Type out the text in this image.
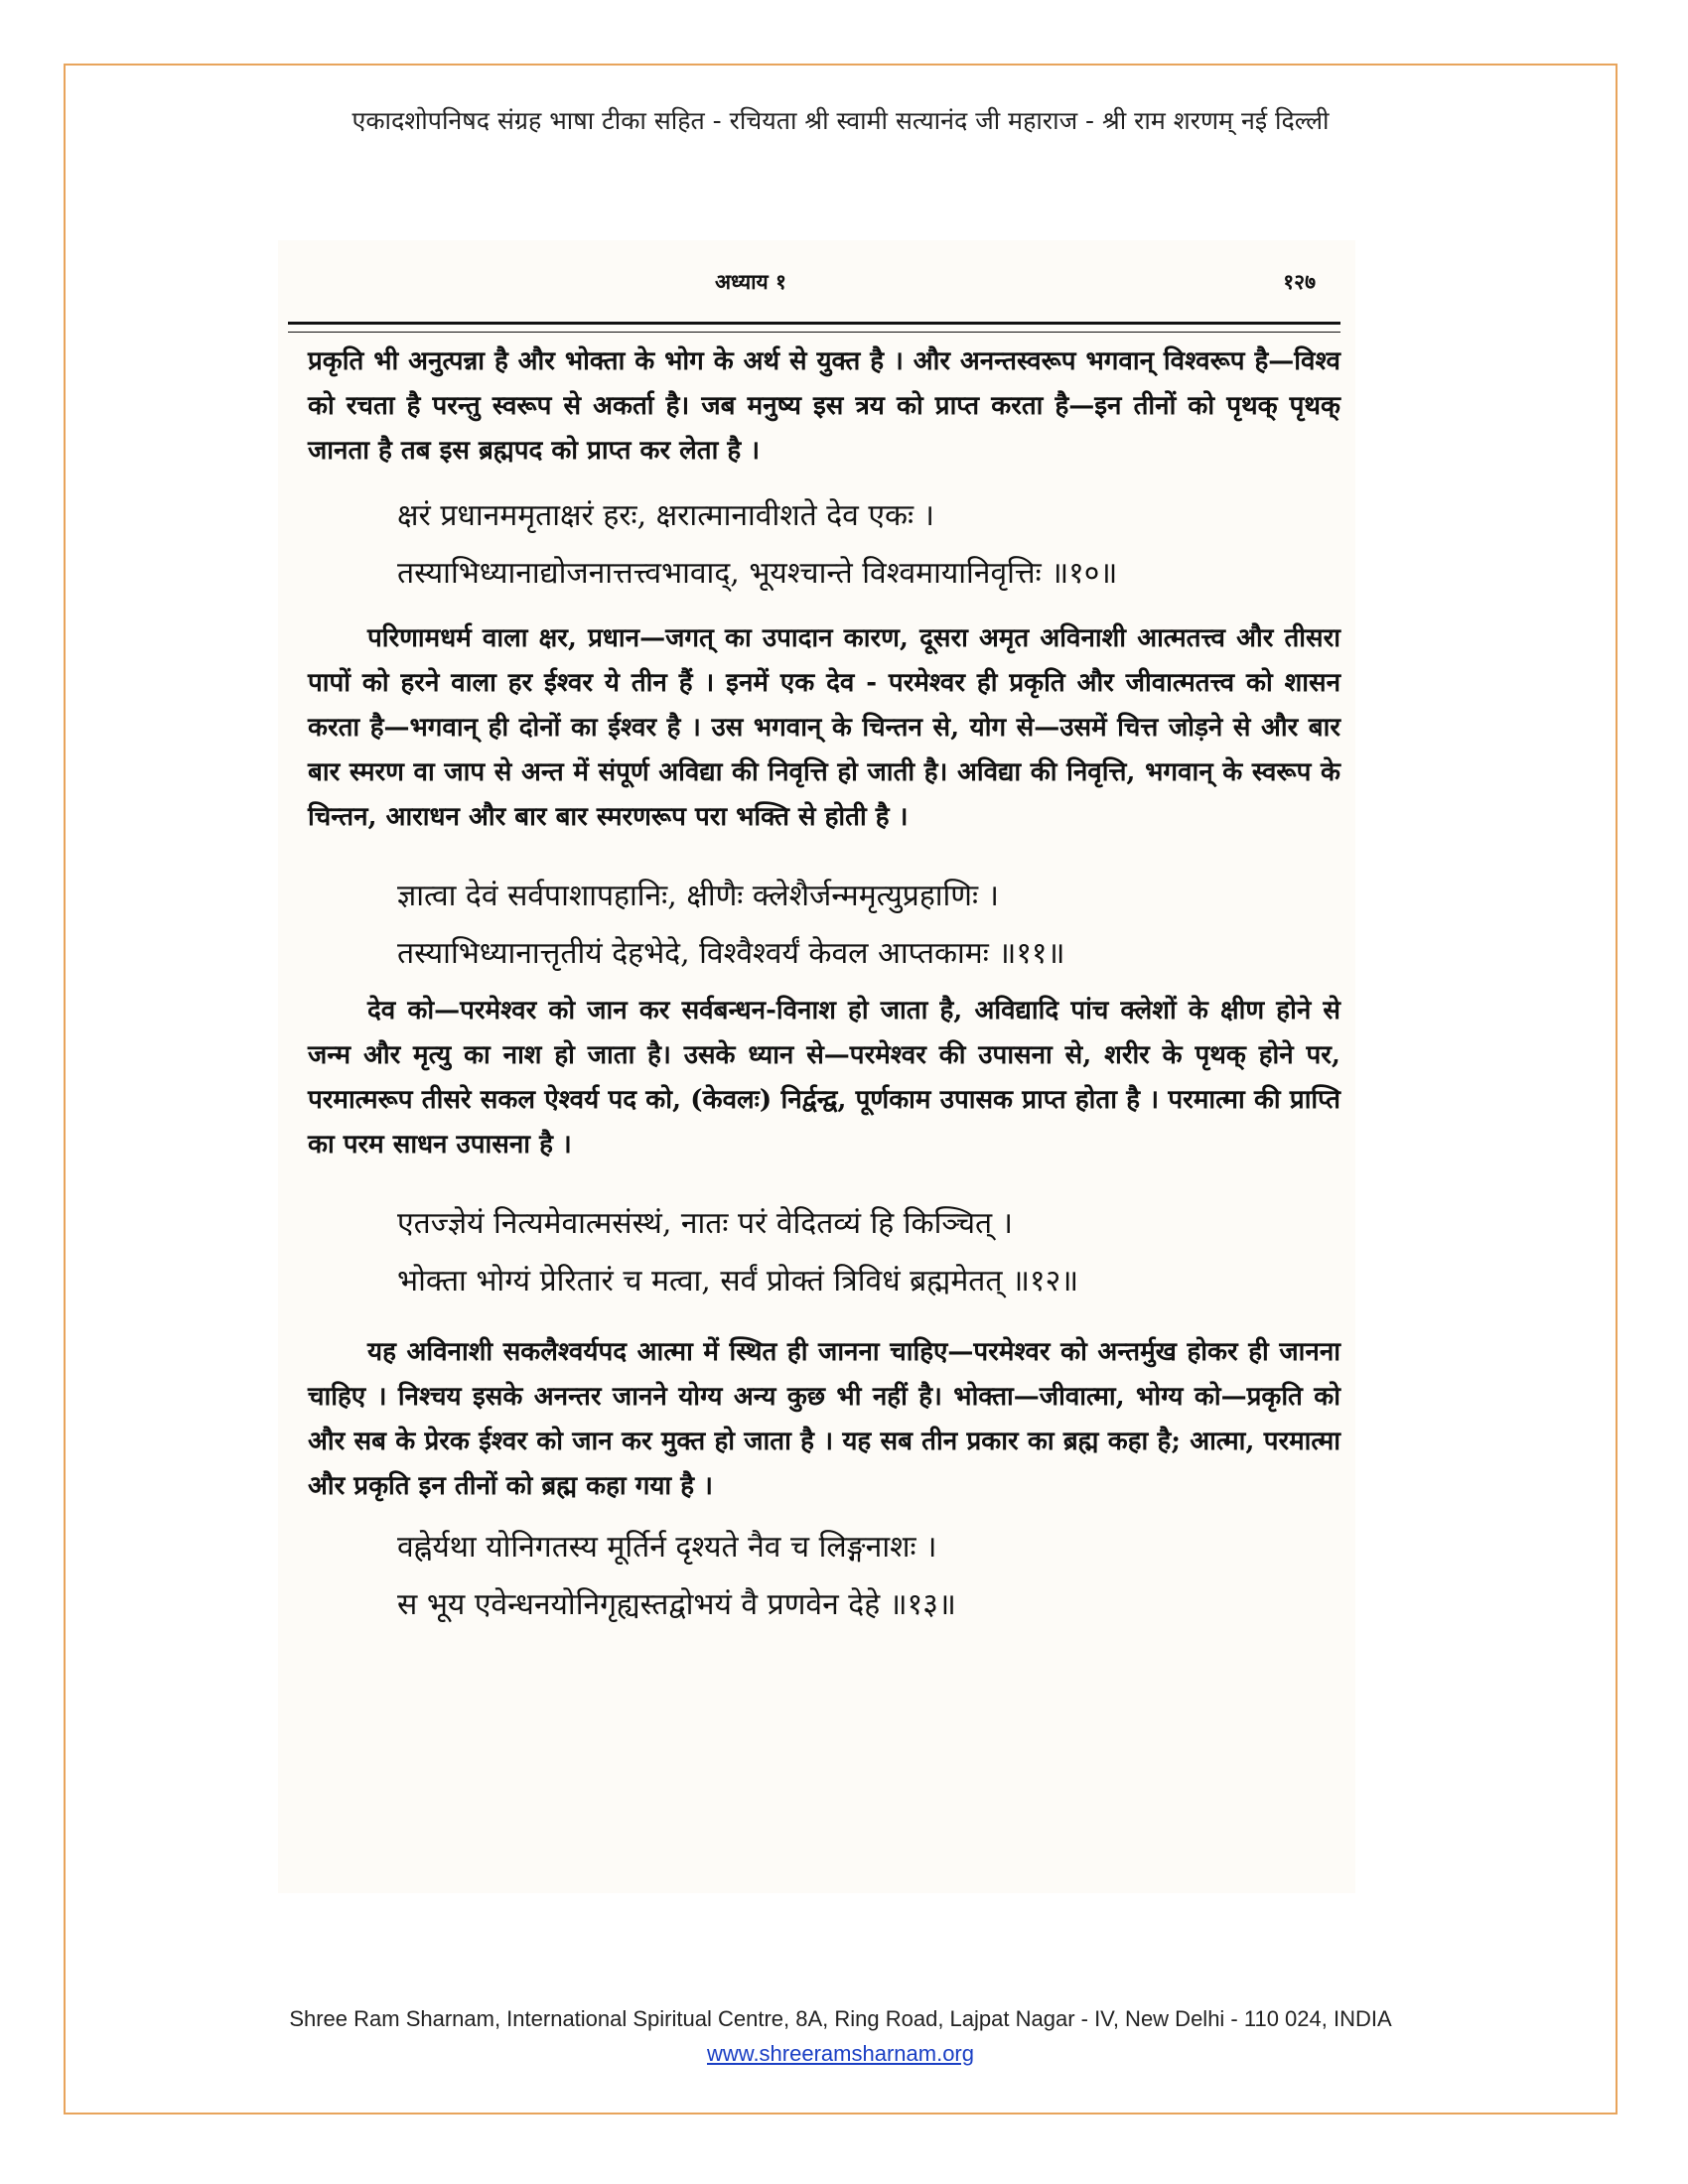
एकादशोपनिषद संग्रह भाषा टीका सहित - रचियता श्री स्वामी सत्यानंद जी महाराज - श्री राम शरणम् नई दिल्ली
अध्याय १	१२७

प्रकृति भी अनुत्पन्ना है और भोक्ता के भोग के अर्थ से युक्त है । और अनन्तस्वरूप भगवान् विश्वरूप है—विश्व को रचता है परन्तु स्वरूप से अकर्ता है। जब मनुष्य इस त्रय को प्राप्त करता है—इन तीनों को पृथक् पृथक् जानता है तब इस ब्रह्मपद को प्राप्त कर लेता है ।

क्षरं प्रधानममृताक्षरं हरः, क्षरात्मानावीशते देव एकः ।

तस्याभिध्यानाद्योजनात्तत्त्वभावाद्, भूयश्चान्ते विश्वमायानिवृत्तिः ॥१०॥

परिणामधर्म वाला क्षर, प्रधान—जगत् का उपादान कारण, दूसरा अमृत अविनाशी आत्मतत्त्व और तीसरा पापों को हरने वाला हर ईश्वर ये तीन हैं । इनमें एक देव - परमेश्वर ही प्रकृति और जीवात्मतत्त्व को शासन करता है—भगवान् ही दोनों का ईश्वर है । उस भगवान् के चिन्तन से, योग से—उसमें चित्त जोड़ने से और बार बार स्मरण वा जाप से अन्त में संपूर्ण अविद्या की निवृत्ति हो जाती है। अविद्या की निवृत्ति, भगवान् के स्वरूप के चिन्तन, आराधन और बार बार स्मरणरूप परा भक्ति से होती है ।

ज्ञात्वा देवं सर्वपाशापहानिः, क्षीणैः क्लेशैर्जन्ममृत्युप्रहाणिः ।

तस्याभिध्यानात्तृतीयं देहभेदे, विश्वैश्वर्यं केवल आप्तकामः ॥११॥

देव को—परमेश्वर को जान कर सर्वबन्धन-विनाश हो जाता है, अविद्यादि पांच क्लेशों के क्षीण होने से जन्म और मृत्यु का नाश हो जाता है। उसके ध्यान से—परमेश्वर की उपासना से, शरीर के पृथक् होने पर, परमात्मरूप तीसरे सकल ऐश्वर्य पद को, (केवलः) निर्द्वन्द्व, पूर्णकाम उपासक प्राप्त होता है । परमात्मा की प्राप्ति का परम साधन उपासना है ।

एतज्ज्ञेयं नित्यमेवात्मसंस्थं, नातः परं वेदितव्यं हि किञ्चित् ।

भोक्ता भोग्यं प्रेरितारं च मत्वा, सर्वं प्रोक्तं त्रिविधं ब्रह्ममेतत् ॥१२॥

यह अविनाशी सकलैश्वर्यपद आत्मा में स्थित ही जानना चाहिए—परमेश्वर को अन्तर्मुख होकर ही जानना चाहिए । निश्चय इसके अनन्तर जानने योग्य अन्य कुछ भी नहीं है। भोक्ता—जीवात्मा, भोग्य को—प्रकृति को और सब के प्रेरक ईश्वर को जान कर मुक्त हो जाता है । यह सब तीन प्रकार का ब्रह्म कहा है; आत्मा, परमात्मा और प्रकृति इन तीनों को ब्रह्म कहा गया है ।

वह्नेर्यथा योनिगतस्य मूर्तिर्न दृश्यते नैव च लिङ्गनाशः ।

स भूय एवेन्धनयोनिगृह्यस्तद्वोभयं वै प्रणवेन देहे ॥१३॥

Shree Ram Sharnam, International Spiritual Centre, 8A, Ring Road, Lajpat Nagar - IV, New Delhi - 110 024, INDIA
www.shreeramsharnam.org
